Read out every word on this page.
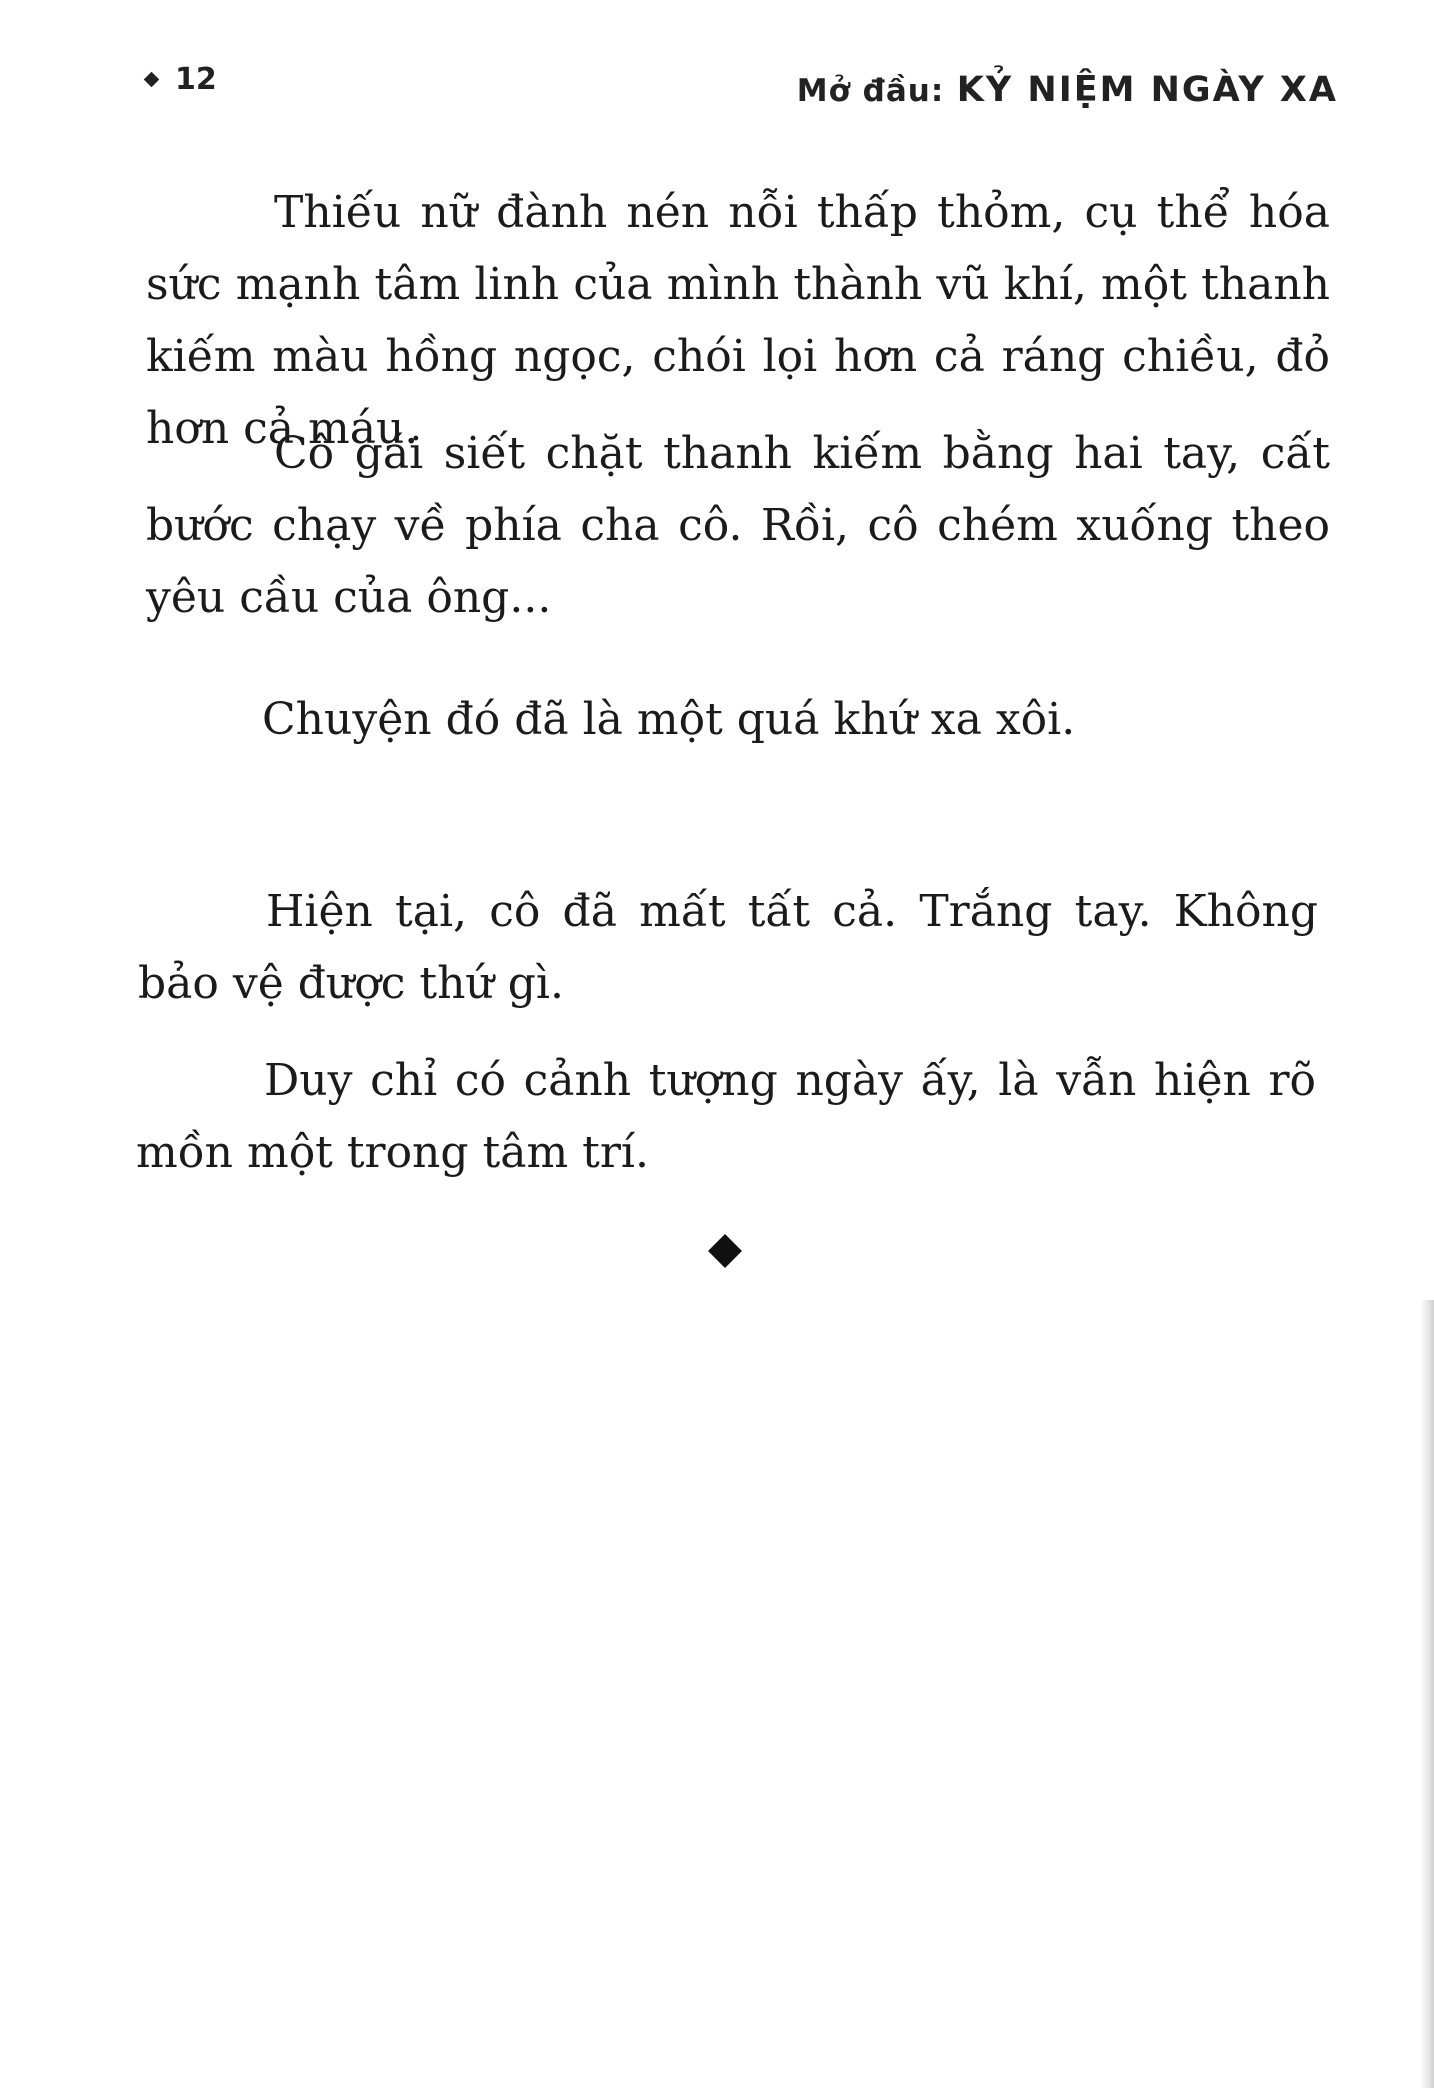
12	Mở đầu: KỶ NIỆM NGÀY XA

Thiếu nữ đành nén nỗi thấp thỏm, cụ thể hóa sức mạnh tâm linh của mình thành vũ khí, một thanh kiếm màu hồng ngọc, chói lọi hơn cả ráng chiều, đỏ hơn cả máu.

Cô gái siết chặt thanh kiếm bằng hai tay, cất bước chạy về phía cha cô. Rồi, cô chém xuống theo yêu cầu của ông...

Chuyện đó đã là một quá khứ xa xôi.

Hiện tại, cô đã mất tất cả. Trắng tay. Không bảo vệ được thứ gì.

Duy chỉ có cảnh tượng ngày ấy, là vẫn hiện rõ mồn một trong tâm trí.
